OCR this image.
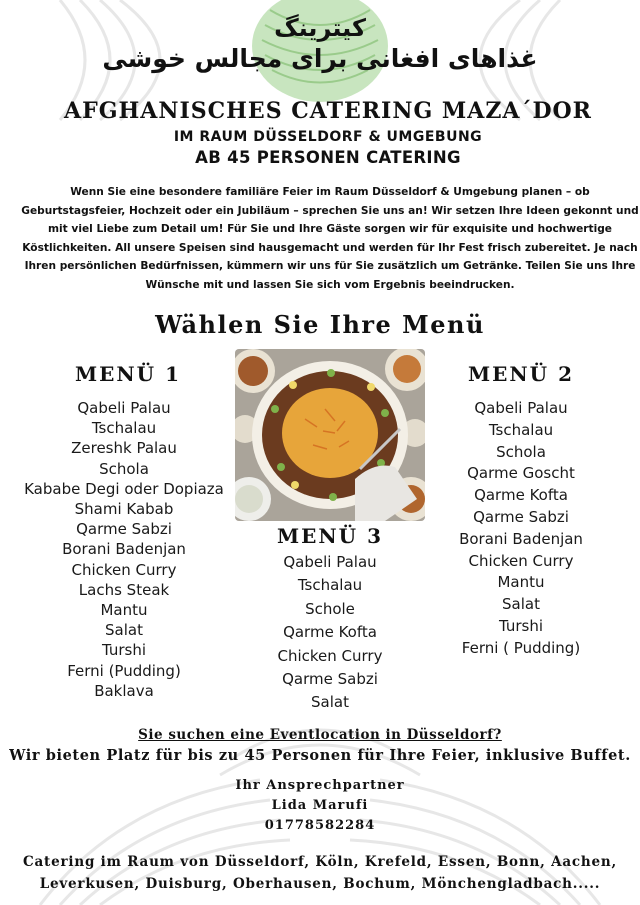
کیترینگ
غذاهای افغانی برای مجالس خوشی
AFGHANISCHES CATERING MAZA´DOR
IM RAUM DÜSSELDORF & UMGEBUNG
AB 45 PERSONEN CATERING
Wenn Sie eine besondere familiäre Feier im Raum Düsseldorf & Umgebung planen – ob Geburtstagsfeier, Hochzeit oder ein Jubiläum – sprechen Sie uns an! Wir setzen Ihre Ideen gekonnt und mit viel Liebe zum Detail um! Für Sie und Ihre Gäste sorgen wir für exquisite und hochwertige Köstlichkeiten. All unsere Speisen sind hausgemacht und werden für Ihr Fest frisch zubereitet. Je nach Ihren persönlichen Bedürfnissen, kümmern wir uns für Sie zusätzlich um Getränke. Teilen Sie uns Ihre Wünsche mit und lassen Sie sich vom Ergebnis beeindrucken.
Wählen Sie Ihre Menü
MENÜ 1
Qabeli Palau
Tschalau
Zereshk Palau
Schola
Kababe Degi oder Dopiaza
Shami Kabab
Qarme Sabzi
Borani Badenjan
Chicken Curry
Lachs Steak
Mantu
Salat
Turshi
Ferni (Pudding)
Baklava
MENÜ 2
Qabeli Palau
Tschalau
Schola
Qarme Goscht
Qarme Kofta
Qarme Sabzi
Borani Badenjan
Chicken Curry
Mantu
Salat
Turshi
Ferni ( Pudding)
MENÜ 3
Qabeli Palau
Tschalau
Schole
Qarme Kofta
Chicken Curry
Qarme Sabzi
Salat
Sie suchen eine Eventlocation in Düsseldorf?
Wir bieten Platz für bis zu 45 Personen für Ihre Feier, inklusive Buffet.
Ihr Ansprechpartner
Lida Marufi
01778582284
Catering im Raum von Düsseldorf, Köln, Krefeld, Essen, Bonn, Aachen,
Leverkusen, Duisburg, Oberhausen, Bochum, Mönchengladbach.....
